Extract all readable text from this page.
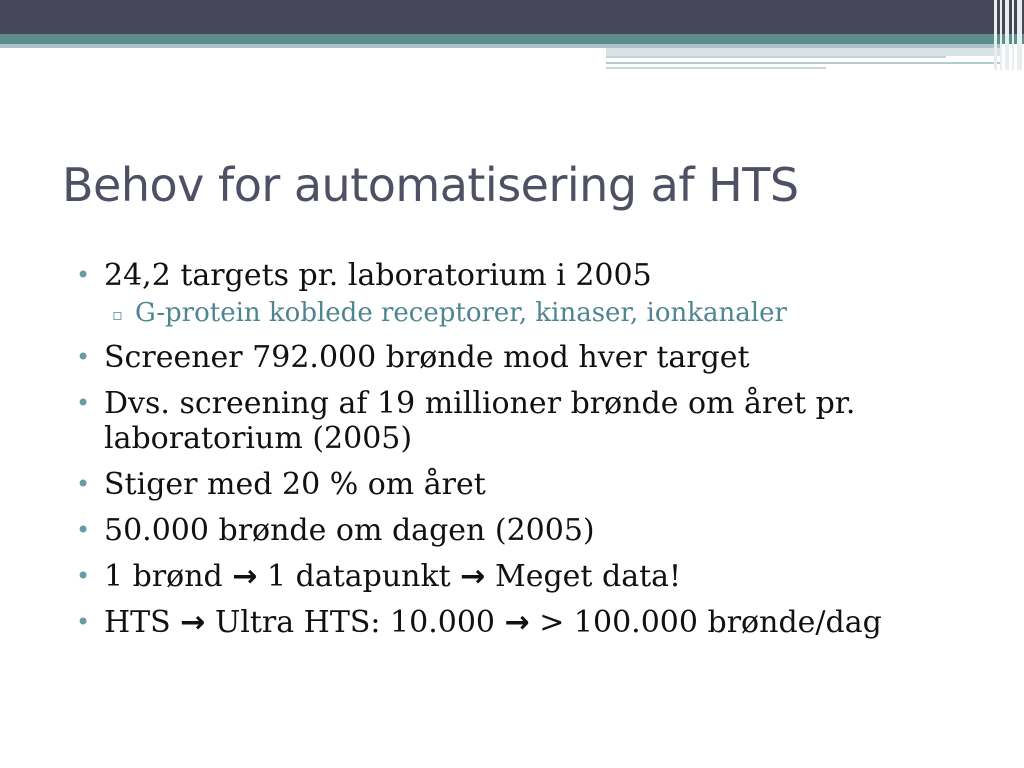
Behov for automatisering af HTS
• 24,2 targets pr. laboratorium i 2005
▫ G-protein koblede receptorer, kinaser, ionkanaler
• Screener 792.000 brønde mod hver target
• Dvs. screening af 19 millioner brønde om året pr. laboratorium (2005)
• Stiger med 20 % om året
• 50.000 brønde om dagen (2005)
• 1 brønd → 1 datapunkt → Meget data!
• HTS → Ultra HTS: 10.000 → > 100.000 brønde/dag
